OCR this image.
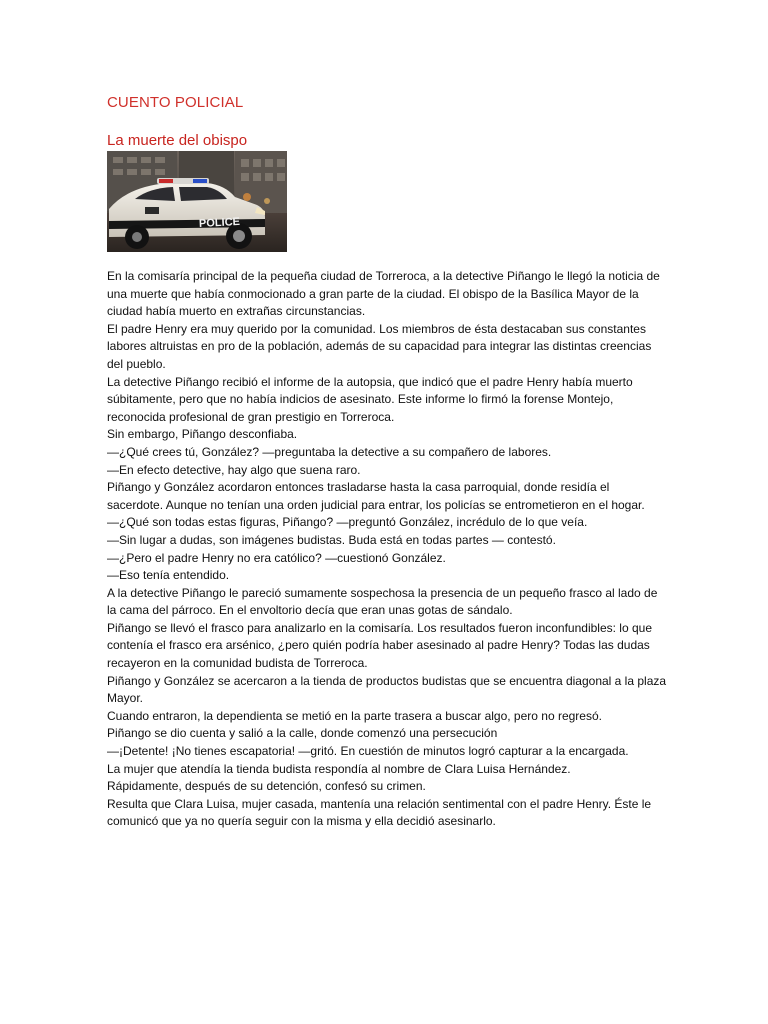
CUENTO POLICIAL
La muerte del obispo
POLICE

En la comisaría principal de la pequeña ciudad de Torreroca, a la detective Piñango le llegó la noticia de una muerte que había conmocionado a gran parte de la ciudad. El obispo de la Basílica Mayor de la ciudad había muerto en extrañas circunstancias.

El padre Henry era muy querido por la comunidad. Los miembros de ésta destacaban sus constantes labores altruistas en pro de la población, además de su capacidad para integrar las distintas creencias del pueblo.

La detective Piñango recibió el informe de la autopsia, que indicó que el padre Henry había muerto súbitamente, pero que no había indicios de asesinato. Este informe lo firmó la forense Montejo, reconocida profesional de gran prestigio en Torreroca.

Sin embargo, Piñango desconfiaba.

—¿Qué crees tú, González? —preguntaba la detective a su compañero de labores.

—En efecto detective, hay algo que suena raro.

Piñango y González acordaron entonces trasladarse hasta la casa parroquial, donde residía el sacerdote. Aunque no tenían una orden judicial para entrar, los policías se entrometieron en el hogar.

—¿Qué son todas estas figuras, Piñango? —preguntó González, incrédulo de lo que veía.

—Sin lugar a dudas, son imágenes budistas. Buda está en todas partes — contestó.

—¿Pero el padre Henry no era católico? —cuestionó González.

—Eso tenía entendido.

A la detective Piñango le pareció sumamente sospechosa la presencia de un pequeño frasco al lado de la cama del párroco. En el envoltorio decía que eran unas gotas de sándalo.

Piñango se llevó el frasco para analizarlo en la comisaría. Los resultados fueron inconfundibles: lo que contenía el frasco era arsénico, ¿pero quién podría haber asesinado al padre Henry? Todas las dudas recayeron en la comunidad budista de Torreroca.

Piñango y González se acercaron a la tienda de productos budistas que se encuentra diagonal a la plaza Mayor.

Cuando entraron, la dependienta se metió en la parte trasera a buscar algo, pero no regresó.

Piñango se dio cuenta y salió a la calle, donde comenzó una persecución

—¡Detente! ¡No tienes escapatoria! —gritó. En cuestión de minutos logró capturar a la encargada.

La mujer que atendía la tienda budista respondía al nombre de Clara Luisa Hernández.

Rápidamente, después de su detención, confesó su crimen.

Resulta que Clara Luisa, mujer casada, mantenía una relación sentimental con el padre Henry. Éste le comunicó que ya no quería seguir con la misma y ella decidió asesinarlo.
